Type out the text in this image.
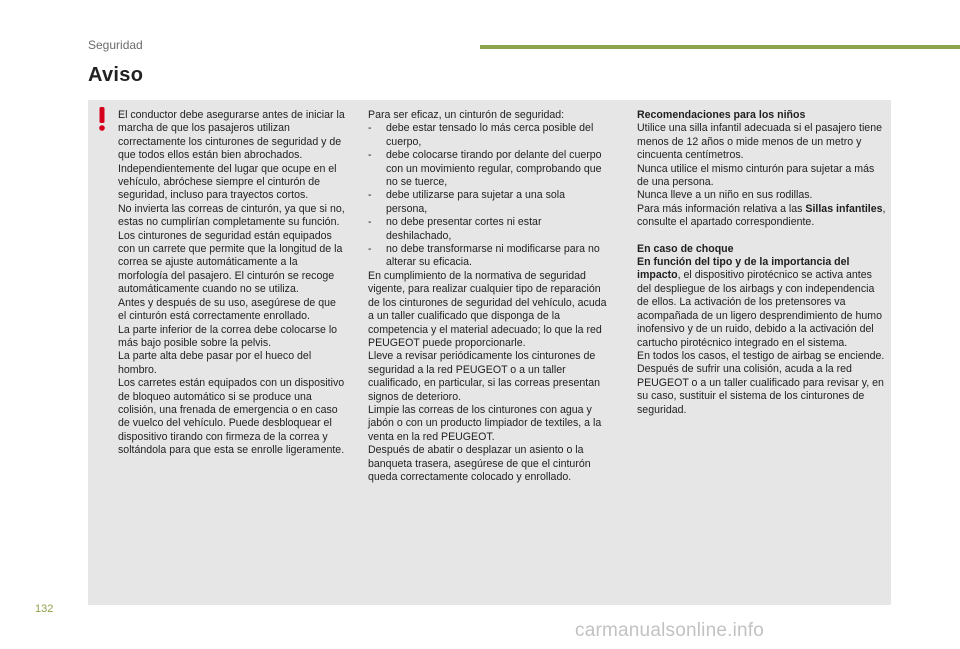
Seguridad
Aviso

El conductor debe asegurarse antes de iniciar la marcha de que los pasajeros utilizan correctamente los cinturones de seguridad y de que todos ellos están bien abrochados.

Independientemente del lugar que ocupe en el vehículo, abróchese siempre el cinturón de seguridad, incluso para trayectos cortos.

No invierta las correas de cinturón, ya que si no, estas no cumplirían completamente su función.

Los cinturones de seguridad están equipados con un carrete que permite que la longitud de la correa se ajuste automáticamente a la morfología del pasajero. El cinturón se recoge automáticamente cuando no se utiliza.

Antes y después de su uso, asegúrese de que el cinturón está correctamente enrollado.

La parte inferior de la correa debe colocarse lo más bajo posible sobre la pelvis.

La parte alta debe pasar por el hueco del hombro.

Los carretes están equipados con un dispositivo de bloqueo automático si se produce una colisión, una frenada de emergencia o en caso de vuelco del vehículo. Puede desbloquear el dispositivo tirando con firmeza de la correa y soltándola para que esta se enrolle ligeramente.

Para ser eficaz, un cinturón de seguridad:

- debe estar tensado lo más cerca posible del cuerpo,
- debe colocarse tirando por delante del cuerpo con un movimiento regular, comprobando que no se tuerce,
- debe utilizarse para sujetar a una sola persona,
- no debe presentar cortes ni estar deshilachado,
- no debe transformarse ni modificarse para no alterar su eficacia.

En cumplimiento de la normativa de seguridad vigente, para realizar cualquier tipo de reparación de los cinturones de seguridad del vehículo, acuda a un taller cualificado que disponga de la competencia y el material adecuado; lo que la red PEUGEOT puede proporcionarle.

Lleve a revisar periódicamente los cinturones de seguridad a la red PEUGEOT o a un taller cualificado, en particular, si las correas presentan signos de deterioro.

Limpie las correas de los cinturones con agua y jabón o con un producto limpiador de textiles, a la venta en la red PEUGEOT.

Después de abatir o desplazar un asiento o la banqueta trasera, asegúrese de que el cinturón queda correctamente colocado y enrollado.

Recomendaciones para los niños

Utilice una silla infantil adecuada si el pasajero tiene menos de 12 años o mide menos de un metro y cincuenta centímetros.

Nunca utilice el mismo cinturón para sujetar a más de una persona.

Nunca lleve a un niño en sus rodillas.

Para más información relativa a las Sillas infantiles, consulte el apartado correspondiente.

En caso de choque

En función del tipo y de la importancia del impacto, el dispositivo pirotécnico se activa antes del despliegue de los airbags y con independencia de ellos. La activación de los pretensores va acompañada de un ligero desprendimiento de humo inofensivo y de un ruido, debido a la activación del cartucho pirotécnico integrado en el sistema.

En todos los casos, el testigo de airbag se enciende.

Después de sufrir una colisión, acuda a la red PEUGEOT o a un taller cualificado para revisar y, en su caso, sustituir el sistema de los cinturones de seguridad.

132
carmanualsonline.info
